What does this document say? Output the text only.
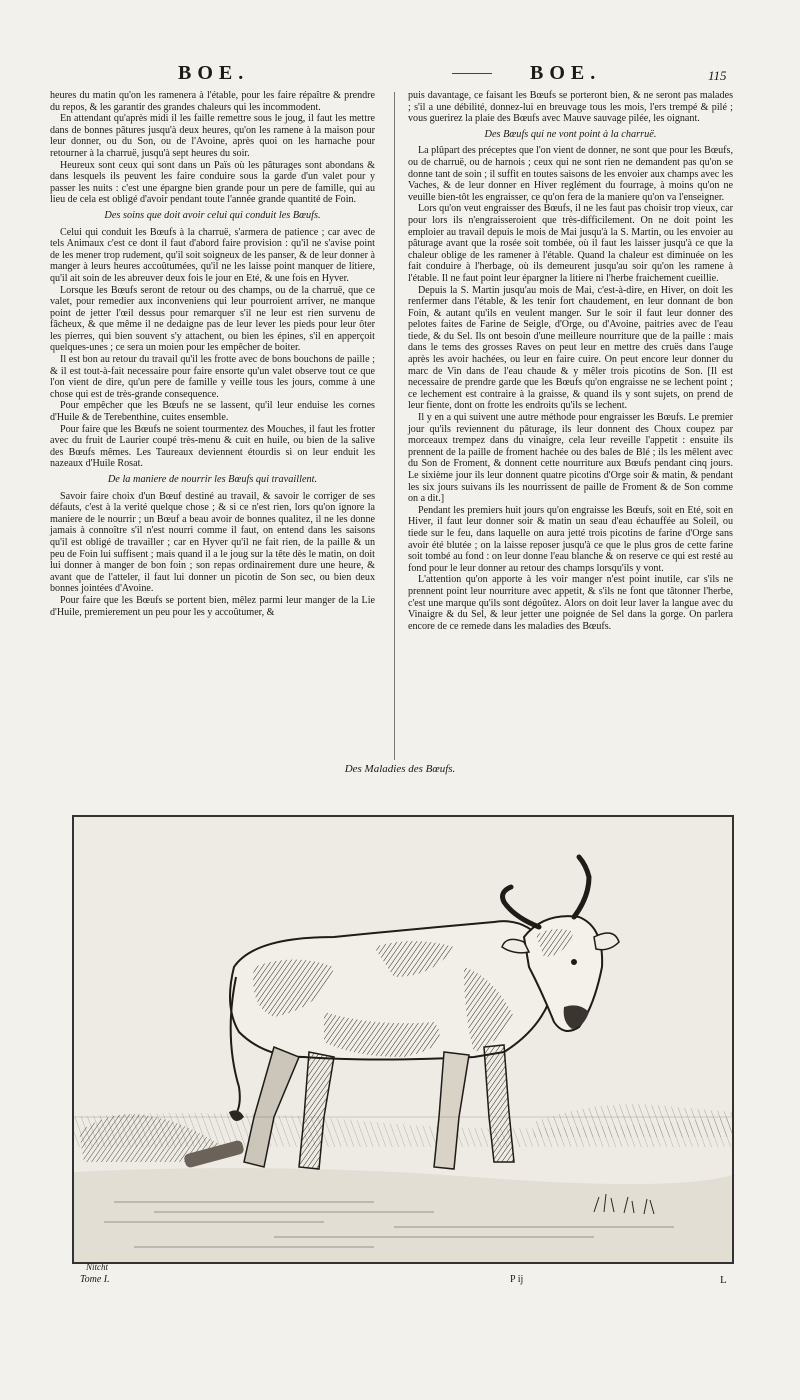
BOE.	BOE.	115

heures du matin qu'on les ramenera à l'étable, pour les faire répaître & prendre du repos, & les garantir des grandes chaleurs qui les incommodent.

En attendant qu'après midi il les faille remettre sous le joug, il faut les mettre dans de bonnes pâtures jusqu'à deux heures, qu'on les ramene à la maison pour leur donner, ou du Son, ou de l'Avoine, après quoi on les harnache pour retourner à la charruë, jusqu'à sept heures du soir.

Heureux sont ceux qui sont dans un Païs où les pâturages sont abondans & dans lesquels ils peuvent les faire conduire sous la garde d'un valet pour y passer les nuits : c'est une épargne bien grande pour un pere de famille, qui au lieu de cela est obligé d'avoir pendant toute l'année grande quantité de Foin.

Des soins que doit avoir celui qui conduit les Bœufs.

Celui qui conduit les Bœufs à la charruë, s'armera de patience ; car avec de tels Animaux c'est ce dont il faut d'abord faire provision : qu'il ne s'avise point de les mener trop rudement, qu'il soit soigneux de les panser, & de leur donner à manger à leurs heures accoûtumées, qu'il ne les laisse point manquer de litiere, qu'il ait soin de les abreuver deux fois le jour en Eté, & une fois en Hyver.

Lorsque les Bœufs seront de retour ou des champs, ou de la charruë, que ce valet, pour remedier aux inconveniens qui leur pourroient arriver, ne manque point de jetter l'œil dessus pour remarquer s'il ne leur est rien survenu de fâcheux, & que même il ne dedaigne pas de leur lever les pieds pour leur ôter les pierres, qui bien souvent s'y attachent, ou bien les épines, s'il en apperçoit quelques-unes ; ce sera un moien pour les empêcher de boiter.

Il est bon au retour du travail qu'il les frotte avec de bons bouchons de paille ; & il est tout-à-fait necessaire pour faire ensorte qu'un valet observe tout ce que l'on vient de dire, qu'un pere de famille y veille tous les jours, comme à une chose qui est de très-grande consequence.

Pour empêcher que les Bœufs ne se lassent, qu'il leur enduise les cornes d'Huile & de Terebenthine, cuites ensemble.

Pour faire que les Bœufs ne soient tourmentez des Mouches, il faut les frotter avec du fruit de Laurier coupé très-menu & cuit en huile, ou bien de la salive des Bœufs mêmes. Les Taureaux deviennent étourdis si on leur enduit les nazeaux d'Huile Rosat.

De la maniere de nourrir les Bœufs qui travaillent.

Savoir faire choix d'un Bœuf destiné au travail, & savoir le corriger de ses défauts, c'est à la verité quelque chose ; & si ce n'est rien, lors qu'on ignore la maniere de le nourrir ; un Bœuf a beau avoir de bonnes qualitez, il ne les donne jamais à connoître s'il n'est nourri comme il faut, on entend dans les saisons qu'il est obligé de travailler ; car en Hyver qu'il ne fait rien, de la paille & un peu de Foin lui suffisent ; mais quand il a le joug sur la tête dès le matin, on doit lui donner à manger de bon foin ; son repas ordinairement dure une heure, & avant que de l'atteler, il faut lui donner un picotin de Son sec, ou bien deux bonnes jointées d'Avoine.

Pour faire que les Bœufs se portent bien, mêlez parmi leur manger de la Lie d'Huile, premierement un peu pour les y accoûtumer, &

puis davantage, ce faisant les Bœufs se porteront bien, & ne seront pas malades ; s'il a une débilité, donnez-lui en breuvage tous les mois, l'ers trempé & pilé ; vous guerirez la plaie des Bœufs avec Mauve sauvage pilée, les oignant.

Des Bœufs qui ne vont point à la charruë.

La plûpart des préceptes que l'on vient de donner, ne sont que pour les Bœufs, ou de charruë, ou de harnois ; ceux qui ne sont rien ne demandent pas qu'on se donne tant de soin ; il suffit en toutes saisons de les envoier aux champs avec les Vaches, & de leur donner en Hiver reglément du fourrage, à moins qu'on ne veuille bien-tôt les engraisser, ce qu'on fera de la maniere qu'on va l'enseigner.

Lors qu'on veut engraisser des Bœufs, il ne les faut pas choisir trop vieux, car pour lors ils n'engraisseroient que très-difficilement. On ne doit point les emploier au travail depuis le mois de Mai jusqu'à la S. Martin, ou les envoier au pâturage avant que la rosée soit tombée, où il faut les laisser jusqu'à ce que la chaleur oblige de les ramener à l'étable. Quand la chaleur est diminuée on les fait conduire à l'herbage, où ils demeurent jusqu'au soir qu'on les ramene à l'étable. Il ne faut point leur épargner la litiere ni l'herbe fraichement cueillie.

Depuis la S. Martin jusqu'au mois de Mai, c'est-à-dire, en Hiver, on doit les renfermer dans l'étable, & les tenir fort chaudement, en leur donnant de bon Foin, & autant qu'ils en veulent manger. Sur le soir il faut leur donner des pelotes faites de Farine de Seigle, d'Orge, ou d'Avoine, paitries avec de l'eau tiede, & du Sel. Ils ont besoin d'une meilleure nourriture que de la paille : mais dans le tems des grosses Raves on peut leur en mettre des cruës dans l'auge après les avoir hachées, ou leur en faire cuire. On peut encore leur donner du marc de Vin dans de l'eau chaude & y mêler trois picotins de Son. [Il est necessaire de prendre garde que les Bœufs qu'on engraisse ne se lechent point ; ce lechement est contraire à la graisse, & quand ils y sont sujets, on prend de leur fiente, dont on frotte les endroits qu'ils se lechent.

Il y en a qui suivent une autre méthode pour engraisser les Bœufs. Le premier jour qu'ils reviennent du pâturage, ils leur donnent des Choux coupez par morceaux trempez dans du vinaigre, cela leur reveille l'appetit : ensuite ils prennent de la paille de froment hachée ou des bales de Blé ; ils les mêlent avec du Son de Froment, & donnent cette nourriture aux Bœufs pendant cinq jours. Le sixième jour ils leur donnent quatre picotins d'Orge soir & matin, & pendant les six jours suivans ils les nourrissent de paille de Froment & de Son comme on a dit.]

Pendant les premiers huit jours qu'on engraisse les Bœufs, soit en Eté, soit en Hiver, il faut leur donner soir & matin un seau d'eau échauffée au Soleil, ou tiede sur le feu, dans laquelle on aura jetté trois picotins de farine d'Orge sans avoir été blutée ; on la laisse reposer jusqu'à ce que le plus gros de cette farine soit tombé au fond : on leur donne l'eau blanche & on reserve ce qui est resté au fond pour le leur donner au retour des champs lorsqu'ils y vont.

L'attention qu'on apporte à les voir manger n'est point inutile, car s'ils ne prennent point leur nourriture avec appetit, & s'ils ne font que tâtonner l'herbe, c'est une marque qu'ils sont dégoûtez. Alors on doit leur laver la langue avec du Vinaigre & du Sel, & leur jetter une poignée de Sel dans la gorge. On parlera encore de ce remede dans les maladies des Bœufs.

Des Maladies des Bœufs.
Nitcht
Tome I.	P ij	L
